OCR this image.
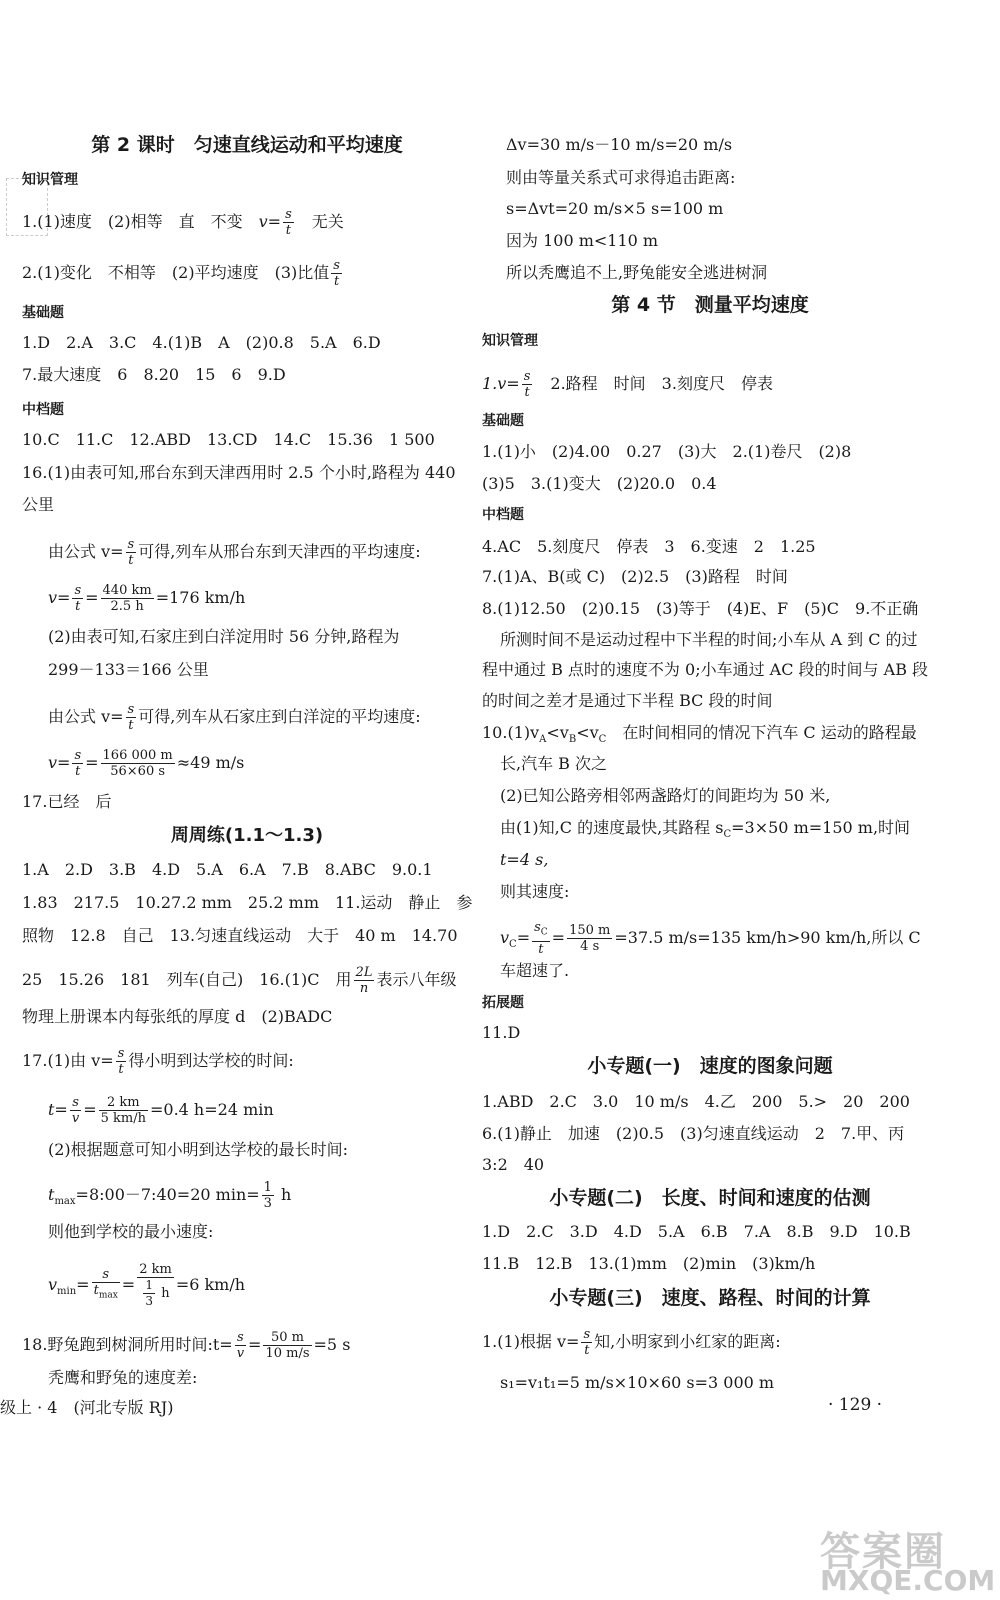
第 2 课时　匀速直线运动和平均速度
知识管理
1.(1)速度　(2)相等　直　不变　$v= \frac{s}{t}$
　 无关
2.(1)变化　不相等　(2)平均速度　(3)比值 $\frac{s}{t}$
基础题
1.D　2.A　3.C　4.(1)B　A　(2)0.8　5.A　6.D
7.最大速度　6　8.20　15　6　9.D
中档题
10.C　11.C　12.ABD　13.CD　14.C　15.36　1 500
16.(1)由表可知,邢台东到天津西用时 2.5 个小时,路程为 440
公里
由公式 $v= \frac{s}{t}$ 可得,列车从邢台东到天津西的平均速度:
$v= \frac{s}{t} = \frac{440 km}{2.5 h} =176$ km/h
(2)由表可知,石家庄到白洋淀用时 56 分钟,路程为
299－133＝166 公里
由公式 $v= \frac{s}{t}$ 可得,列车从石家庄到白洋淀的平均速度:
$v= \frac{s}{t} = \frac{166 000 m}{56\times 60 s} \approx 49$ m/s
17.已经　后
周周练(1.1～1.3)
1.A　2.D　3.B　4.D　5.A　6.A　7.B　8.ABC　9.0.1
1.83　217.5　10.27.2 mm　25.2 mm　11.运动　静止　参
照物　12.8　自己　13.匀速直线运动　大于　40 m　14.70
25　15.26　181　列车(自己)　16.(1)C　用 $\frac{2L}{n}$ 表示八年级
物理上册课本内每张纸的厚度 d　(2)BADC
17.(1)由 $v= \frac{s}{t}$ 得小明到达学校的时间:
$t= \frac{s}{v} = \frac{2 km}{5 km/h} =0.4$ h=24 min
(2)根据题意可知小明到达学校的最长时间:
$t_{max}=8:00-7:40=20$ $\min= \frac{1}{3}$ h
则他到学校的最小速度:
$v_{min}= \frac{s}{t_{max}} = \frac{2 km}{\frac{1}{3} h} =6$ km/h
18.野兔跑到树洞所用时间:t= $\frac{s}{v} = \frac{50 m}{10 m/s} =5$ s
秃鹰和野兔的速度差:
级上 · 4　(河北专版 RJ)
Δv=30 m/s－10 m/s=20 m/s
则由等量关系式可求得追击距离:
s=Δvt=20 m/s×5 s=100 m
因为 100 m<110 m
所以秃鹰追不上,野兔能安全逃进树洞
第 4 节　测量平均速度
知识管理
$1.v= \frac{s}{t}$
　 2.路程　时间　3.刻度尺　停表
基础题
1.(1)小　(2)4.00　0.27　(3)大　2.(1)卷尺　(2)8
(3)5　3.(1)变大　(2)20.0　0.4
中档题
4.AC　5.刻度尺　停表　3　6.变速　2　1.25
7.(1)A、B(或 C)　(2)2.5　(3)路程　时间
8.(1)12.50　(2)0.15　(3)等于　(4)E、F　(5)C　9.不正确
所测时间不是运动过程中下半程的时间;小车从 A 到 C 的过
程中通过 B 点时的速度不为 0;小车通过 AC 段的时间与 AB 段
的时间之差才是通过下半程 BC 段的时间
$10.(1)v_A<v_B<v_C$　在时间相同的情况下汽车 C 运动的路程最
长,汽车 B 次之
(2)已知公路旁相邻两盏路灯的间距均为 50 米,
由(1)知,C 的速度最快,其路程 $s_C=3\times 50$ m=150 m,时间
t=4 s,
则其速度:
$v_C= \frac{s_C}{t} = \frac{150 m}{4 s} =37.5$ m/s=135 km/h>90 km/h,所以 C
车超速了.
拓展题
11.D
小专题(一)　速度的图象问题
1.ABD　2.C　3.0　10 m/s　4.乙　200　5.>　20　200
6.(1)静止　加速　(2)0.5　(3)匀速直线运动　2　7.甲、丙
3:2　40
小专题(二)　长度、时间和速度的估测
1.D　2.C　3.D　4.D　5.A　6.B　7.A　8.B　9.D　10.B
11.B　12.B　13.(1)mm　(2)min　(3)km/h
小专题(三)　速度、路程、时间的计算
1.(1)根据 $v= \frac{s}{t}$ 知,小明家到小红家的距离:
s₁=v₁t₁=5 m/s×10×60 s=3 000 m
· 129 ·
答案圈
MXQE.COM
